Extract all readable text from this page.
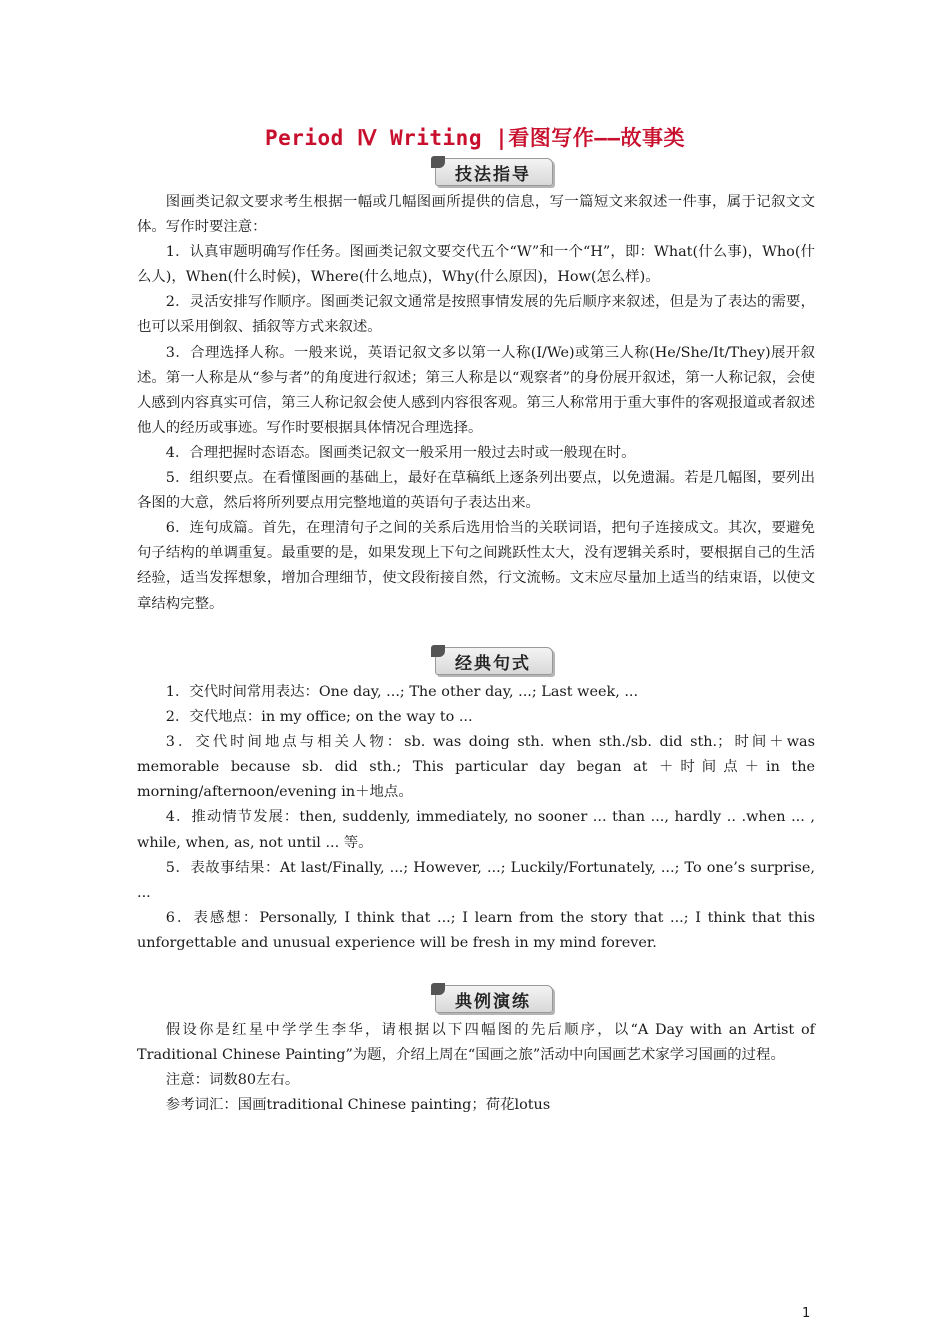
Period Ⅳ Writing |看图写作——故事类
技法指导

图画类记叙文要求考生根据一幅或几幅图画所提供的信息，写一篇短文来叙述一件事，属于记叙文文体。写作时要注意：

1．认真审题明确写作任务。图画类记叙文要交代五个“W”和一个“H”，即：What(什么事)，Who(什么人)，When(什么时候)，Where(什么地点)，Why(什么原因)，How(怎么样)。

2．灵活安排写作顺序。图画类记叙文通常是按照事情发展的先后顺序来叙述，但是为了表达的需要，也可以采用倒叙、插叙等方式来叙述。

3．合理选择人称。一般来说，英语记叙文多以第一人称(I/We)或第三人称(He/She/It/They)展开叙述。第一人称是从“参与者”的角度进行叙述；第三人称是以“观察者”的身份展开叙述，第一人称记叙，会使人感到内容真实可信，第三人称记叙会使人感到内容很客观。第三人称常用于重大事件的客观报道或者叙述他人的经历或事迹。写作时要根据具体情况合理选择。

4．合理把握时态语态。图画类记叙文一般采用一般过去时或一般现在时。

5．组织要点。在看懂图画的基础上，最好在草稿纸上逐条列出要点，以免遗漏。若是几幅图，要列出各图的大意，然后将所列要点用完整地道的英语句子表达出来。

6．连句成篇。首先，在理清句子之间的关系后选用恰当的关联词语，把句子连接成文。其次，要避免句子结构的单调重复。最重要的是，如果发现上下句之间跳跃性太大，没有逻辑关系时，要根据自己的生活经验，适当发挥想象，增加合理细节，使文段衔接自然，行文流畅。文末应尽量加上适当的结束语，以使文章结构完整。

经典句式

1．交代时间常用表达：One day, ...; The other day, ...; Last week, ...

2．交代地点：in my office; on the way to ...

3．交代时间地点与相关人物：sb. was doing sth. when sth./sb. did sth.；时间＋was memorable because sb. did sth.; This particular day began at ＋时间点＋in the morning/afternoon/evening in＋地点。

4．推动情节发展：then, suddenly, immediately, no sooner ... than ..., hardly .. .when ... , while, when, as, not until ... 等。

5．表故事结果：At last/Finally, ...; However, ...; Luckily/Fortunately, ...; To one’s surprise, ...

6．表感想：Personally, I think that ...; I learn from the story that ...; I think that this unforgettable and unusual experience will be fresh in my mind forever.

典例演练

假设你是红星中学学生李华，请根据以下四幅图的先后顺序，以“A Day with an Artist of Traditional Chinese Painting”为题，介绍上周在“国画之旅”活动中向国画艺术家学习国画的过程。

注意：词数80左右。

参考词汇：国画traditional Chinese painting；荷花lotus

1
